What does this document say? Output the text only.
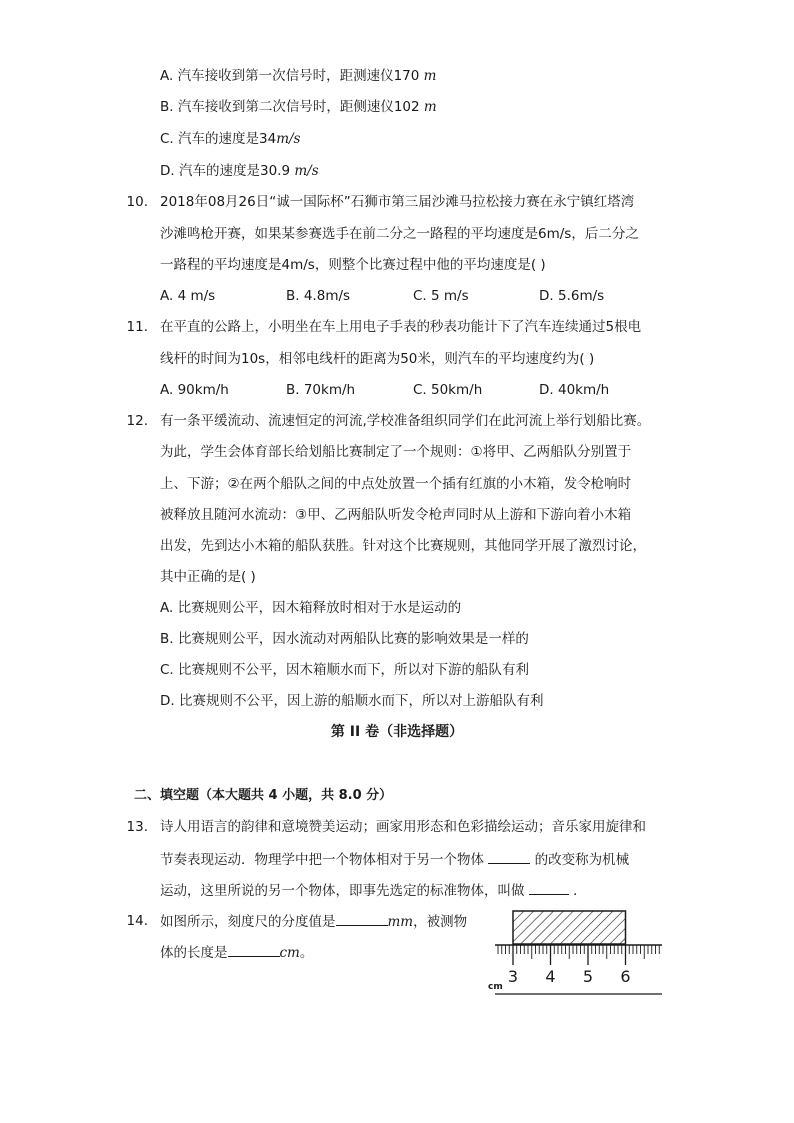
A. 汽车接收到第一次信号时，距测速仪170 m
B. 汽车接收到第二次信号时，距侧速仪102 m
C. 汽车的速度是34m/s
D. 汽车的速度是30.9 m/s
10. 2018年08月26日“诚一国际杯”石狮市第三届沙滩马拉松接力赛在永宁镇红塔湾
沙滩鸣枪开赛，如果某参赛选手在前二分之一路程的平均速度是6m/s，后二分之
一路程的平均速度是4m/s，则整个比赛过程中他的平均速度是( )
A. 4 m/s	B. 4.8m/s	C. 5 m/s	D. 5.6m/s
11. 在平直的公路上，小明坐在车上用电子手表的秒表功能计下了汽车连续通过5根电
线杆的时间为10s，相邻电线杆的距离为50米，则汽车的平均速度约为( )
A. 90km/h	B. 70km/h	C. 50km/h	D. 40km/h
12. 有一条平缓流动、流速恒定的河流,学校准备组织同学们在此河流上举行划船比赛。
为此，学生会体育部长给划船比赛制定了一个规则：①将甲、乙两船队分别置于
上、下游；②在两个船队之间的中点处放置一个插有红旗的小木箱，发令枪响时
被释放且随河水流动：③甲、乙两船队听发令枪声同时从上游和下游向着小木箱
出发，先到达小木箱的船队获胜。针对这个比赛规则，其他同学开展了激烈讨论，
其中正确的是( )
A. 比赛规则公平，因木箱释放时相对于水是运动的
B. 比赛规则公平，因水流动对两船队比赛的影响效果是一样的
C. 比赛规则不公平，因木箱顺水而下，所以对下游的船队有利
D. 比赛规则不公平，因上游的船顺水而下，所以对上游船队有利
第 II 卷（非选择题）
二、填空题（本大题共 4 小题，共 8.0 分）
13. 诗人用语言的韵律和意境赞美运动；画家用形态和色彩描绘运动；音乐家用旋律和
节奏表现运动．物理学中把一个物体相对于另一个物体	的改变称为机械
运动，这里所说的另一个物体，即事先选定的标准物体，叫做	．
14. 如图所示，刻度尺的分度值是	mm，被测物
体的长度是	cm。
3 4 5 6
cm
